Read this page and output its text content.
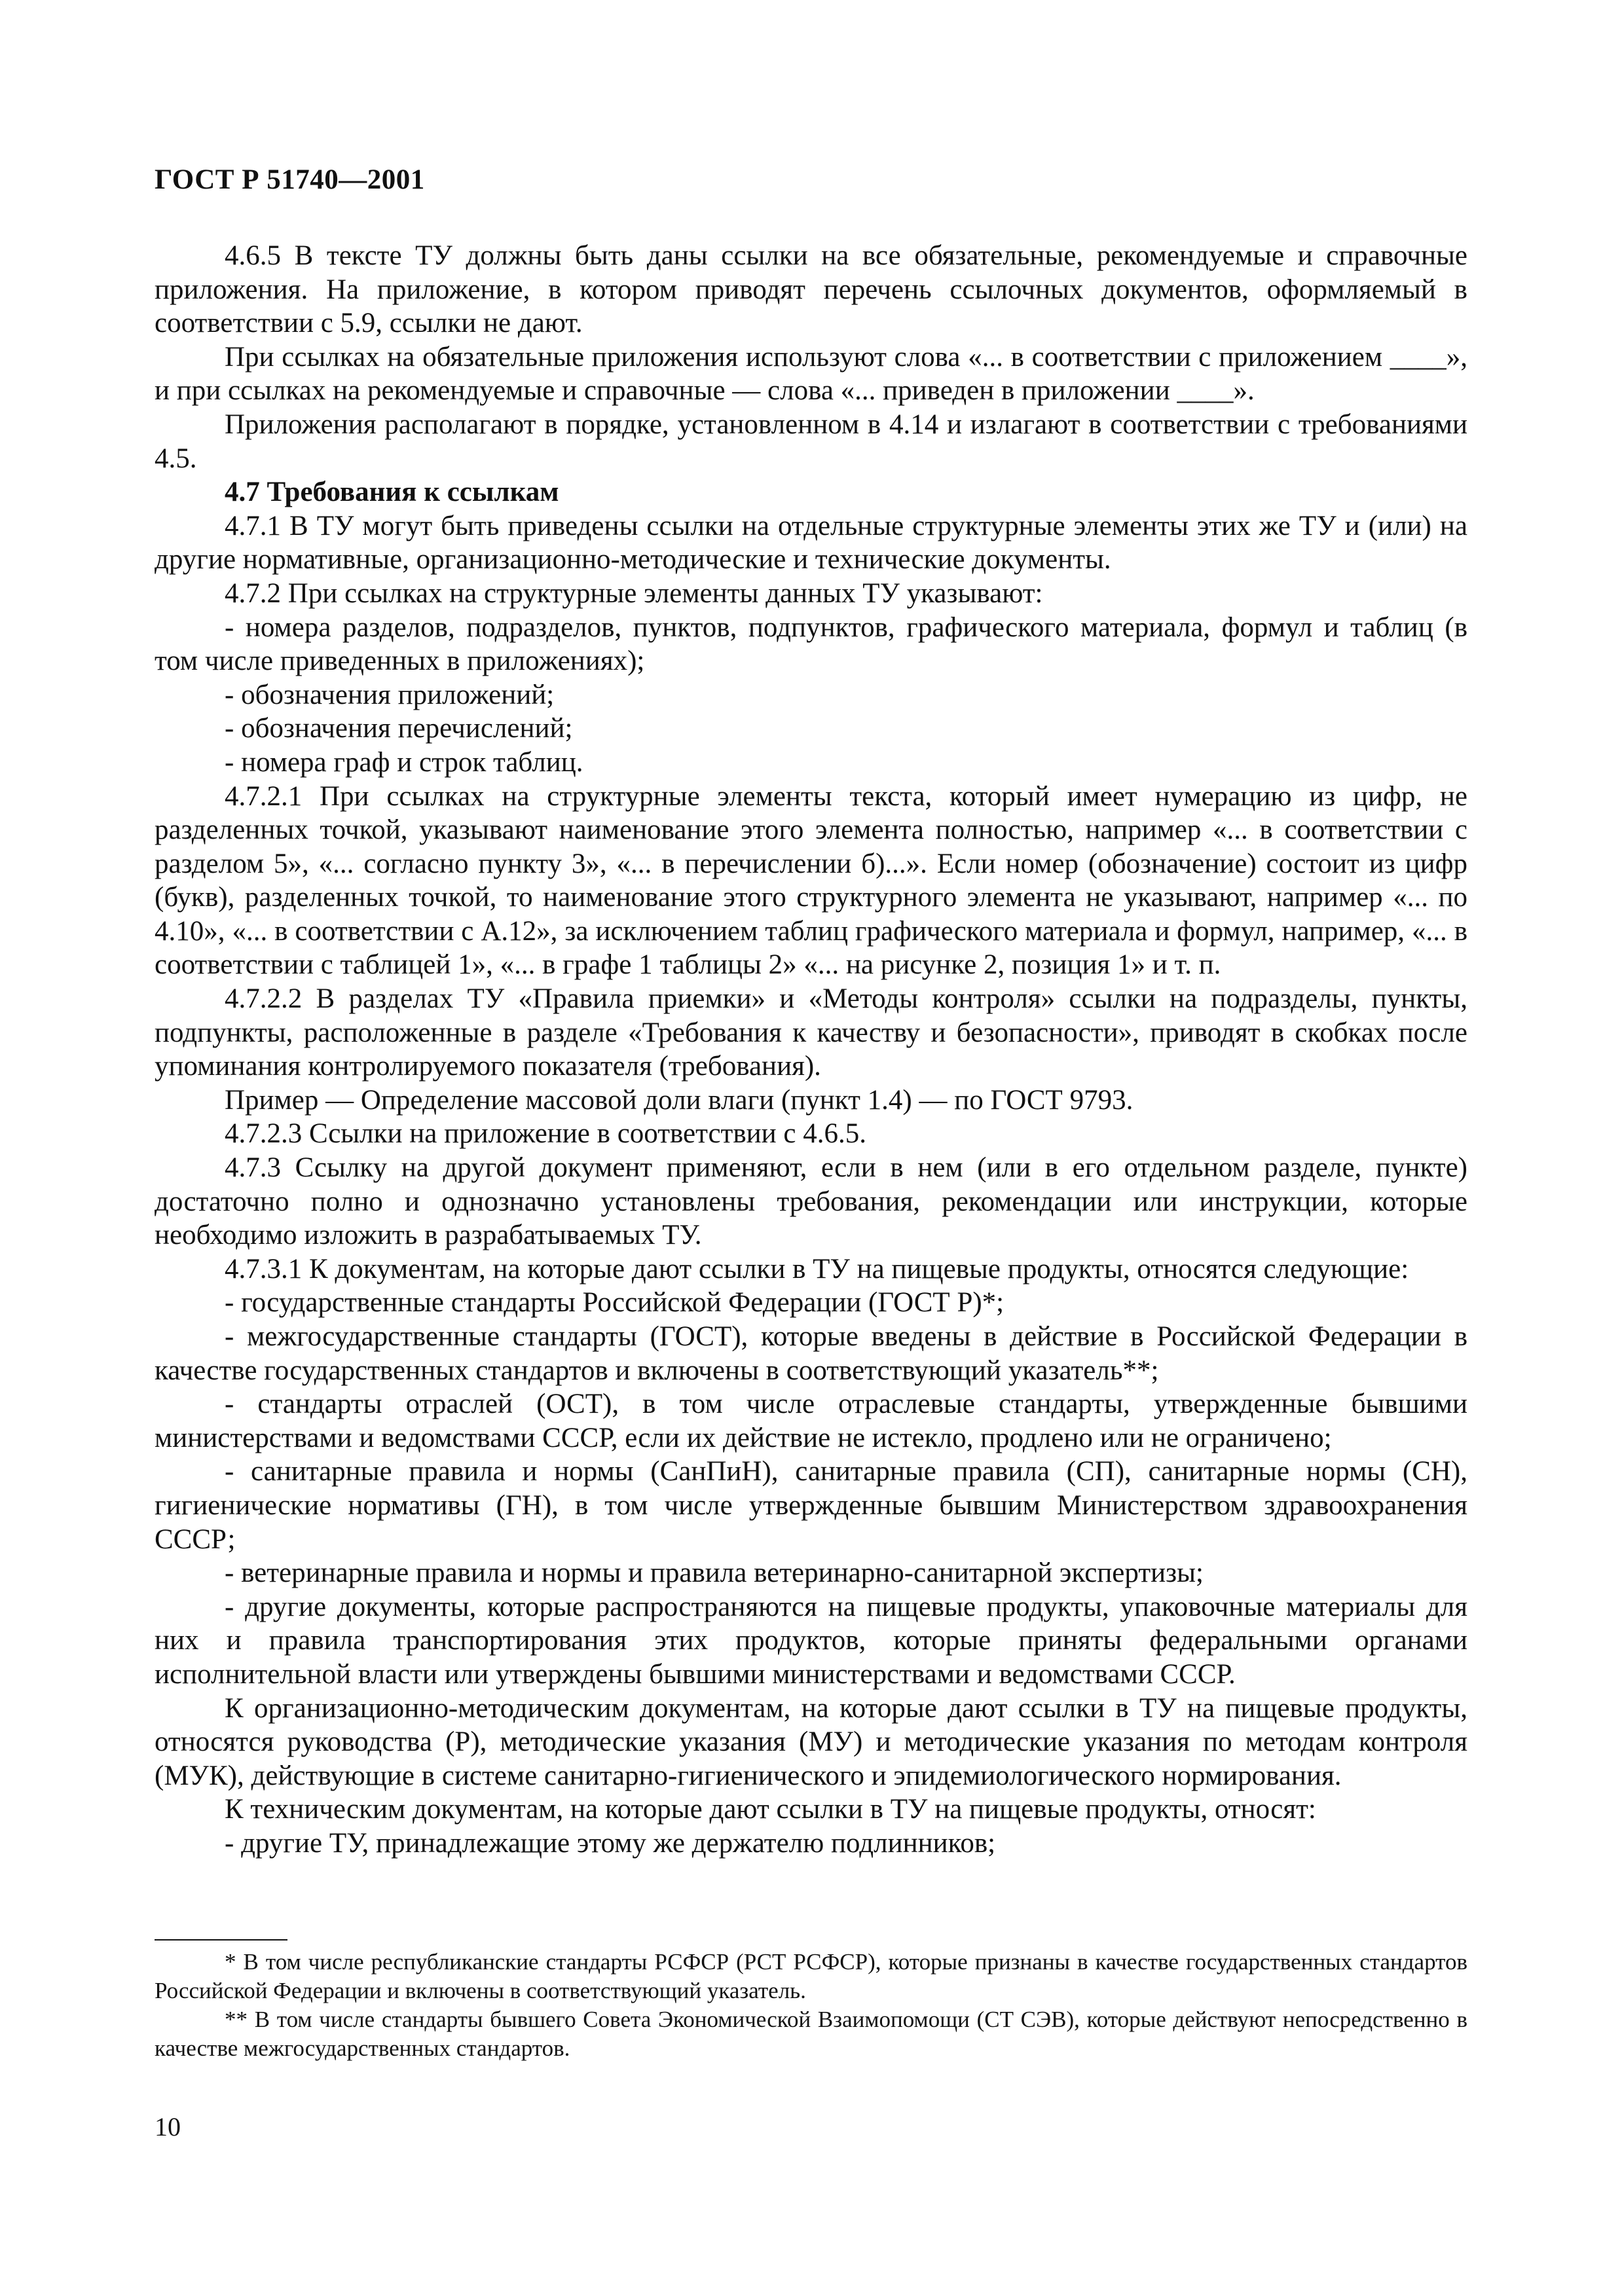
ГОСТ Р 51740—2001

4.6.5 В тексте ТУ должны быть даны ссылки на все обязательные, рекомендуемые и справочные приложения. На приложение, в котором приводят перечень ссылочных документов, оформляемый в соответствии с 5.9, ссылки не дают.

При ссылках на обязательные приложения используют слова «... в соответствии с приложением ____», и при ссылках на рекомендуемые и справочные — слова «... приведен в приложении ____».

Приложения располагают в порядке, установленном в 4.14 и излагают в соответствии с требованиями 4.5.

4.7 Требования к ссылкам

4.7.1 В ТУ могут быть приведены ссылки на отдельные структурные элементы этих же ТУ и (или) на другие нормативные, организационно-методические и технические документы.

4.7.2 При ссылках на структурные элементы данных ТУ указывают:

- номера разделов, подразделов, пунктов, подпунктов, графического материала, формул и таблиц (в том числе приведенных в приложениях);

- обозначения приложений;

- обозначения перечислений;

- номера граф и строк таблиц.

4.7.2.1 При ссылках на структурные элементы текста, который имеет нумерацию из цифр, не разделенных точкой, указывают наименование этого элемента полностью, например «... в соответствии с разделом 5», «... согласно пункту 3», «... в перечислении б)...». Если номер (обозначение) состоит из цифр (букв), разделенных точкой, то наименование этого структурного элемента не указывают, например «... по 4.10», «... в соответствии с А.12», за исключением таблиц графического материала и формул, например, «... в соответствии с таблицей 1», «... в графе 1 таблицы 2» «... на рисунке 2, позиция 1» и т. п.

4.7.2.2 В разделах ТУ «Правила приемки» и «Методы контроля» ссылки на подразделы, пункты, подпункты, расположенные в разделе «Требования к качеству и безопасности», приводят в скобках после упоминания контролируемого показателя (требования).

Пример — Определение массовой доли влаги (пункт 1.4) — по ГОСТ 9793.

4.7.2.3 Ссылки на приложение в соответствии с 4.6.5.

4.7.3 Ссылку на другой документ применяют, если в нем (или в его отдельном разделе, пункте) достаточно полно и однозначно установлены требования, рекомендации или инструкции, которые необходимо изложить в разрабатываемых ТУ.

4.7.3.1 К документам, на которые дают ссылки в ТУ на пищевые продукты, относятся следующие:

- государственные стандарты Российской Федерации (ГОСТ Р)*;

- межгосударственные стандарты (ГОСТ), которые введены в действие в Российской Федерации в качестве государственных стандартов и включены в соответствующий указатель**;

- стандарты отраслей (ОСТ), в том числе отраслевые стандарты, утвержденные бывшими министерствами и ведомствами СССР, если их действие не истекло, продлено или не ограничено;

- санитарные правила и нормы (СанПиН), санитарные правила (СП), санитарные нормы (СН), гигиенические нормативы (ГН), в том числе утвержденные бывшим Министерством здравоохранения СССР;

- ветеринарные правила и нормы и правила ветеринарно-санитарной экспертизы;

- другие документы, которые распространяются на пищевые продукты, упаковочные материалы для них и правила транспортирования этих продуктов, которые приняты федеральными органами исполнительной власти или утверждены бывшими министерствами и ведомствами СССР.

К организационно-методическим документам, на которые дают ссылки в ТУ на пищевые продукты, относятся руководства (Р), методические указания (МУ) и методические указания по методам контроля (МУК), действующие в системе санитарно-гигиенического и эпидемиологического нормирования.

К техническим документам, на которые дают ссылки в ТУ на пищевые продукты, относят:

- другие ТУ, принадлежащие этому же держателю подлинников;

* В том числе республиканские стандарты РСФСР (РСТ РСФСР), которые признаны в качестве государственных стандартов Российской Федерации и включены в соответствующий указатель.

** В том числе стандарты бывшего Совета Экономической Взаимопомощи (СТ СЭВ), которые действуют непосредственно в качестве межгосударственных стандартов.

10
